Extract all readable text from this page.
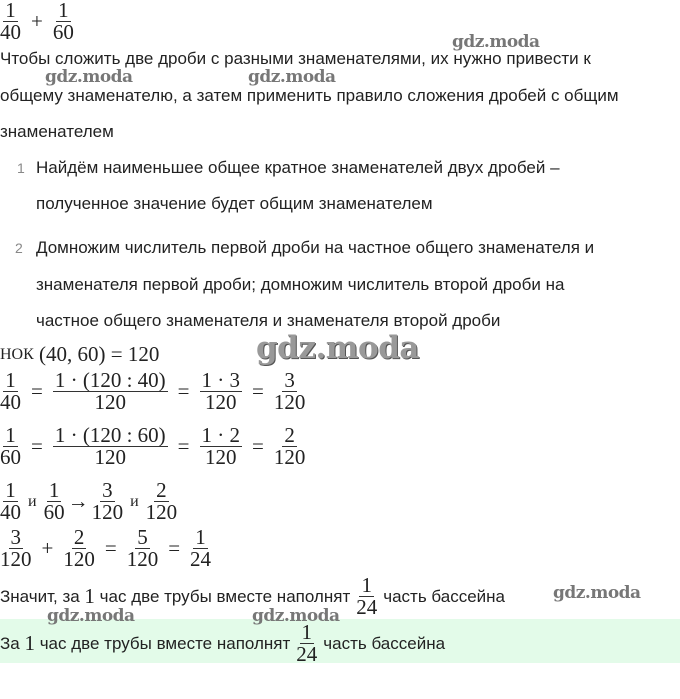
$\frac{1}{40} + \frac{1}{60}$
Чтобы сложить две дроби с разными знаменателями, их нужно привести к
общему знаменателю, а затем применить правило сложения дробей с общим
знаменателем
1 Найдём наименьшее общее кратное знаменателей двух дробей –
полученное значение будет общим знаменателем
2 Домножим числитель первой дроби на частное общего знаменателя и
знаменателя первой дроби; домножим числитель второй дроби на
частное общего знаменателя и знаменателя второй дроби
НОК
(40, 60) = 120
$\frac{1}{40} = \frac{1 \cdot (120 : 40)}{120} = \frac{1 \cdot 3}{120} = \frac{3}{120}$
$\frac{1}{60} = \frac{1 \cdot (120 : 60)}{120} = \frac{1 \cdot 2}{120} = \frac{2}{120}$
$\frac{1}{40}$ и $\frac{1}{60} \to \frac{3}{120}$ и $\frac{2}{120}$
$\frac{3}{120} + \frac{2}{120} = \frac{5}{120} = \frac{1}{24}$
Значит, за
1
час две трубы вместе наполнят $\frac{1}{24}$ часть бассейна
За
1
час две трубы вместе наполнят $\frac{1}{24}$ часть бассейна
gdz.moda
gdz.moda	gdz.moda
gdz.moda
gdz.moda
gdz.moda	gdz.moda
